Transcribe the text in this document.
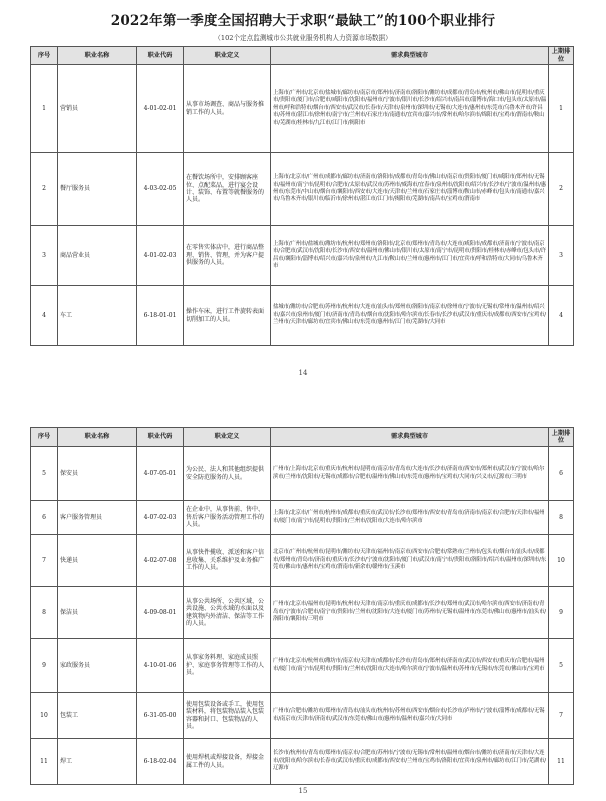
2022年第一季度全国招聘大于求职“最缺工”的100个职业排行
（102个定点监测城市公共就业服务机构人力资源市场数据）
序号	职业名称	职业代码	职业定义	需求典型城市	上期排位
1	营销员	4-01-02-01	从事市场调查、商品与服务推销工作的人员。	上海市/广州市/北京市/盐城市/廊坊市/南京市/郑州市/济南市/洛阳市/潍坊市/成都市/青岛市/杭州市/佛山市/昆明市/重庆市/贵阳市/厦门市/合肥市/咸阳市/沈阳市/福州市/宁波市/银川市/长沙市/绍兴市/南昌市/淄博市/海口市/包头市/太原市/温州市/呼和浩特市/烟台市/西安市/武汉市/长春市/天津市/泉州市/深圳市/无锡市/大连市/惠州市/东莞市/乌鲁木齐市/许昌市/苏州市/湛江市/徐州市/南宁市/兰州市/石家庄市/南通市/宜宾市/嘉兴市/常州市/哈尔滨市/绵阳市/宝鸡市/渭南市/鞍山市/芜湖市/桂林市/九江市/江门市/揭阳市	1
2	餐厅服务员	4-03-02-05	在餐饮场所中，安排顾客座位、点配菜品，进行宴会设计、装饰、布置等就餐服务的人员。	上海市/北京市/广州市/成都市/廊坊市/济南市/洛阳市/成都市/青岛市/佛山市/南京市/贵阳市/厦门市/咸阳市/郑州市/无锡市/福州市/南宁市/昆明市/合肥市/太原市/武汉市/苏州市/威海市/宜春市/泉州市/沈阳市/绍兴市/长沙市/宁波市/温州市/惠州市/东莞市/中山市/烟台市/襄阳市/西安市/大连市/天津市/兰州市/石家庄市/淄博市/鞍山市/赤峰市/包头市/南通市/嘉兴市/乌鲁木齐市/银川市/临沂市/徐州市/湛江市/江门市/揭阳市/芜湖市/南昌市/宝鸡市/渭南市	2
3	商品营业员	4-01-02-03	在零售实体店中，进行商品整理、销售、管理，并为客户提供服务的人员。	上海市/广州市/盐城市/潍坊市/杭州市/郑州市/洛阳市/北京市/郑州市/青岛市/大连市/咸阳市/成都市/济南市/宁波市/南京市/合肥市/武汉市/沈阳市/长沙市/西安市/温州市/佛山市/银川市/太原市/南宁市/昆明市/贵阳市/桂林市/赤峰市/包头市/许昌市/襄阳市/淄博市/绍兴市/嘉兴市/泉州市/九江市/鞍山市/兰州市/惠州市/江门市/宜宾市/呼和浩特市/大同市/乌鲁木齐市	3
4	车工	6-18-01-01	操作车床，进行工件旋转表面切削加工的人员。	盐城市/潍坊市/合肥市/苏州市/杭州市/大连市/汕头市/郑州市/洛阳市/南京市/徐州市/宁波市/无锡市/常州市/温州市/绍兴市/嘉兴市/泉州市/厦门市/济南市/青岛市/烟台市/沈阳市/哈尔滨市/长春市/长沙市/武汉市/重庆市/成都市/西安市/宝鸡市/兰州市/天津市/廊坊市/宜宾市/佛山市/东莞市/惠州市/江门市/芜湖市/大同市	4
14
序号	职业名称	职业代码	职业定义	需求典型城市	上期排位
5	保安员	4-07-05-01	为公民、法人和其他组织提供安全防范服务的人员。	广州市/上海市/北京市/重庆市/杭州市/昆明市/南京市/青岛市/大连市/长沙市/济南市/西安市/郑州市/武汉市/宁波市/哈尔滨市/兰州市/沈阳市/无锡市/成都市/合肥市/温州市/佛山市/东莞市/惠州市/宝鸡市/大同市/兴义市/辽源市/三明市	6
6	客户服务管理员	4-07-02-03	在企业中，从事售前、售中、售后客户服务活动管理工作的人员。	上海市/北京市/广州市/杭州市/成都市/重庆市/武汉市/长沙市/郑州市/西安市/青岛市/济南市/南京市/合肥市/天津市/福州市/厦门市/南宁市/昆明市/贵阳市/兰州市/沈阳市/大连市/哈尔滨市	8
7	快递员	4-02-07-08	从事快件揽收、派送和客户信息收集、关系维护及业务推广工作的人员。	北京市/广州市/杭州市/昆明市/潍坊市/天津市/福州市/南京市/西安市/合肥市/常熟市/兰州市/包头市/烟台市/汕头市/成都市/郑州市/青岛市/济南市/重庆市/长沙市/宁波市/沈阳市/厦门市/武汉市/南宁市/贵阳市/洛阳市/绍兴市/温州市/深圳市/东莞市/佛山市/惠州市/宝鸡市/渭南市/新余市/赣州市/玉溪市	10
8	保洁员	4-09-08-01	从事公共场所、公共区域、公共设施、公共水域的水面以及建筑物内外清洁、保洁等工作的人员。	广州市/北京市/福州市/昆明市/杭州市/天津市/南京市/重庆市/成都市/长沙市/郑州市/武汉市/哈尔滨市/西安市/济南市/青岛市/宁波市/合肥市/南宁市/贵阳市/兰州市/沈阳市/大连市/厦门市/苏州市/无锡市/温州市/东莞市/佛山市/惠州市/汕头市/洛阳市/襄阳市/三明市	9
9	家政服务员	4-10-01-06	从事家务料理、家庭成员照护、家庭事务管理等工作的人员。	广州市/北京市/杭州市/潍坊市/南京市/天津市/成都市/长沙市/青岛市/郑州市/济南市/武汉市/西安市/重庆市/合肥市/福州市/厦门市/南宁市/昆明市/贵阳市/兰州市/沈阳市/大连市/哈尔滨市/宁波市/温州市/苏州市/无锡市/东莞市/佛山市/宝鸡市	5
10	包装工	6-31-05-00	使用包装设备或手工，使用包装材料，将包装物品装入包装容器和封口、包装物品的人员。	广州市/合肥市/潍坊市/郑州市/青岛市/汕头市/杭州市/苏州市/西安市/烟台市/长沙市/泸州市/宁波市/淄博市/成都市/无锡市/南京市/天津市/济南市/武汉市/东莞市/佛山市/惠州市/温州市/嘉兴市/大同市	7
11	焊工	6-18-02-04	使用焊机或焊接设备，焊接金属工件的人员。	长沙市/杭州市/青岛市/郑州市/南京市/合肥市/苏州市/宁波市/无锡市/常州市/温州市/烟台市/潍坊市/济南市/天津市/大连市/沈阳市/哈尔滨市/长春市/武汉市/重庆市/成都市/西安市/兰州市/宝鸡市/洛阳市/宜宾市/泉州市/廊坊市/江门市/芜湖市/辽源市	11
15
